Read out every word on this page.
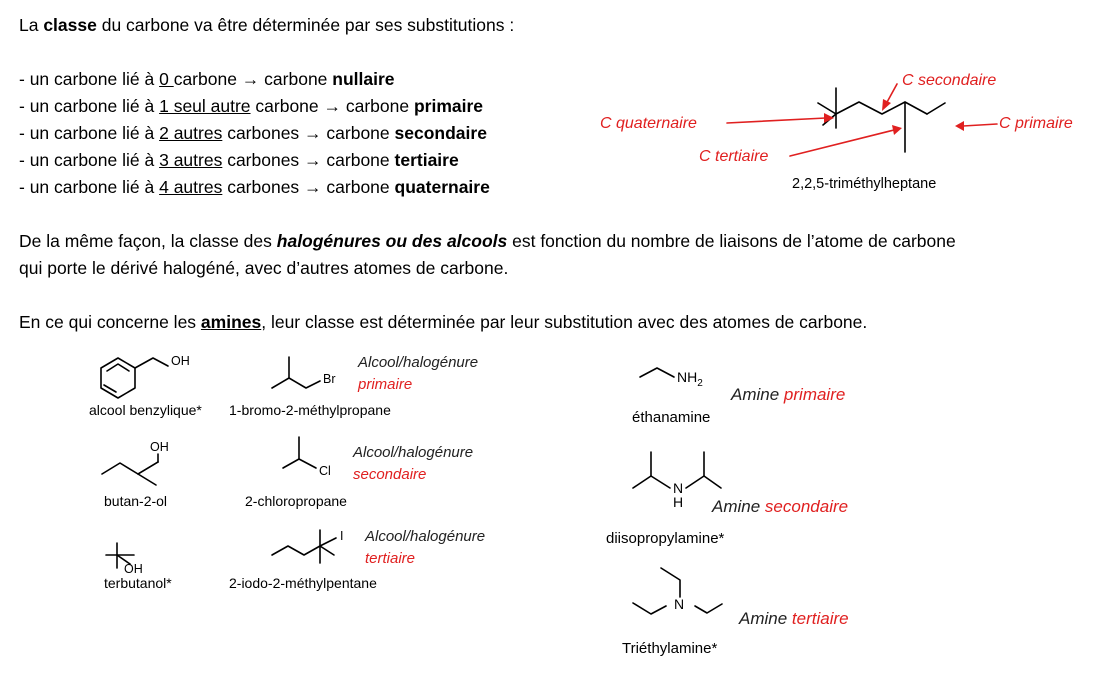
La classe du carbone va être déterminée par ses substitutions :
- un carbone lié à 0 carbone → carbone nullaire
- un carbone lié à 1 seul autre carbone → carbone primaire
- un carbone lié à 2 autres carbones → carbone secondaire
- un carbone lié à 3 autres carbones → carbone tertiaire
- un carbone lié à 4 autres carbones → carbone quaternaire
C quaternaire
C secondaire
C primaire
C tertiaire
2,2,5-triméthylheptane
De la même façon, la classe des halogénures ou des alcools est fonction du nombre de liaisons de l’atome de carbone
qui porte le dérivé halogéné, avec d’autres atomes de carbone.
En ce qui concerne les amines, leur classe est déterminée par leur substitution avec des atomes de carbone.
OH
alcool benzylique*
Br
1-bromo-2-méthylpropane
Alcool/halogénure
primaire
OH
butan-2-ol
Cl
2-chloropropane
Alcool/halogénure
secondaire
OH
terbutanol*
I
2-iodo-2-méthylpentane
Alcool/halogénure
tertiaire
$NH_2$
éthanamine
Amine primaire
N
H
diisopropylamine*
Amine secondaire
N
Triéthylamine*
Amine tertiaire
